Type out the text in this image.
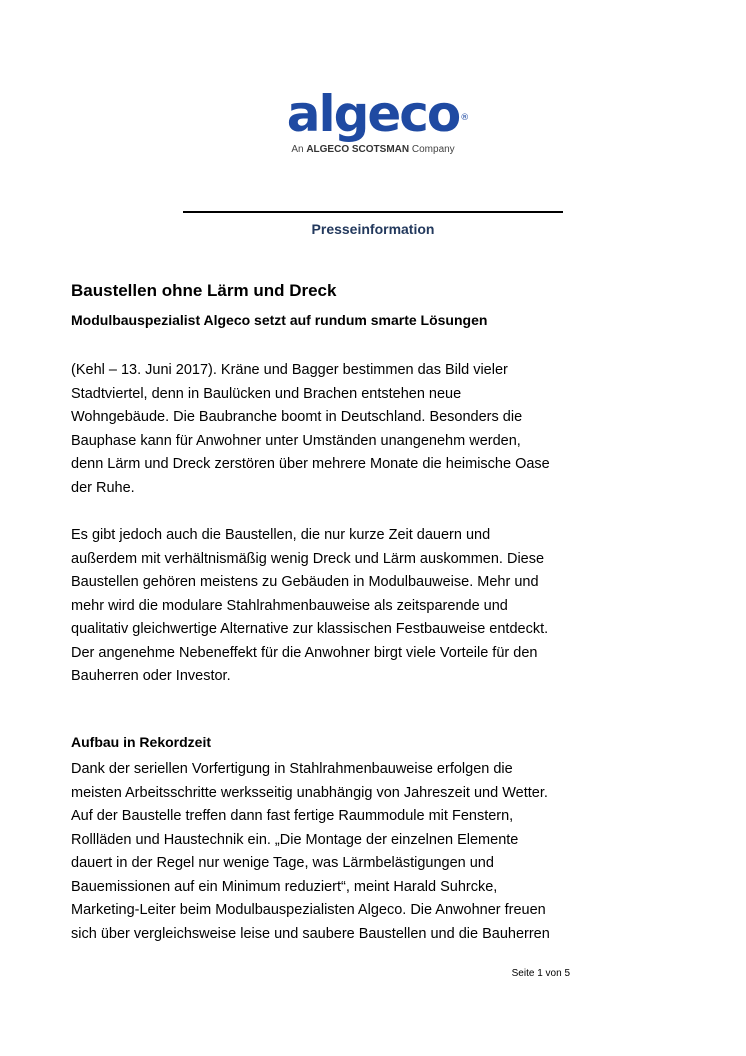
algeco ®
An ALGECO SCOTSMAN Company
Presseinformation
Baustellen ohne Lärm und Dreck
Modulbauspezialist Algeco setzt auf rundum smarte Lösungen
(Kehl – 13. Juni 2017). Kräne und Bagger bestimmen das Bild vieler
Stadtviertel, denn in Baulücken und Brachen entstehen neue
Wohngebäude. Die Baubranche boomt in Deutschland. Besonders die
Bauphase kann für Anwohner unter Umständen unangenehm werden,
denn Lärm und Dreck zerstören über mehrere Monate die heimische Oase
der Ruhe.
Es gibt jedoch auch die Baustellen, die nur kurze Zeit dauern und
außerdem mit verhältnismäßig wenig Dreck und Lärm auskommen. Diese
Baustellen gehören meistens zu Gebäuden in Modulbauweise. Mehr und
mehr wird die modulare Stahlrahmenbauweise als zeitsparende und
qualitativ gleichwertige Alternative zur klassischen Festbauweise entdeckt.
Der angenehme Nebeneffekt für die Anwohner birgt viele Vorteile für den
Bauherren oder Investor.
Aufbau in Rekordzeit
Dank der seriellen Vorfertigung in Stahlrahmenbauweise erfolgen die
meisten Arbeitsschritte werksseitig unabhängig von Jahreszeit und Wetter.
Auf der Baustelle treffen dann fast fertige Raummodule mit Fenstern,
Rollläden und Haustechnik ein. „Die Montage der einzelnen Elemente
dauert in der Regel nur wenige Tage, was Lärmbelästigungen und
Bauemissionen auf ein Minimum reduziert“, meint Harald Suhrcke,
Marketing-Leiter beim Modulbauspezialisten Algeco. Die Anwohner freuen
sich über vergleichsweise leise und saubere Baustellen und die Bauherren
Seite 1 von 5
